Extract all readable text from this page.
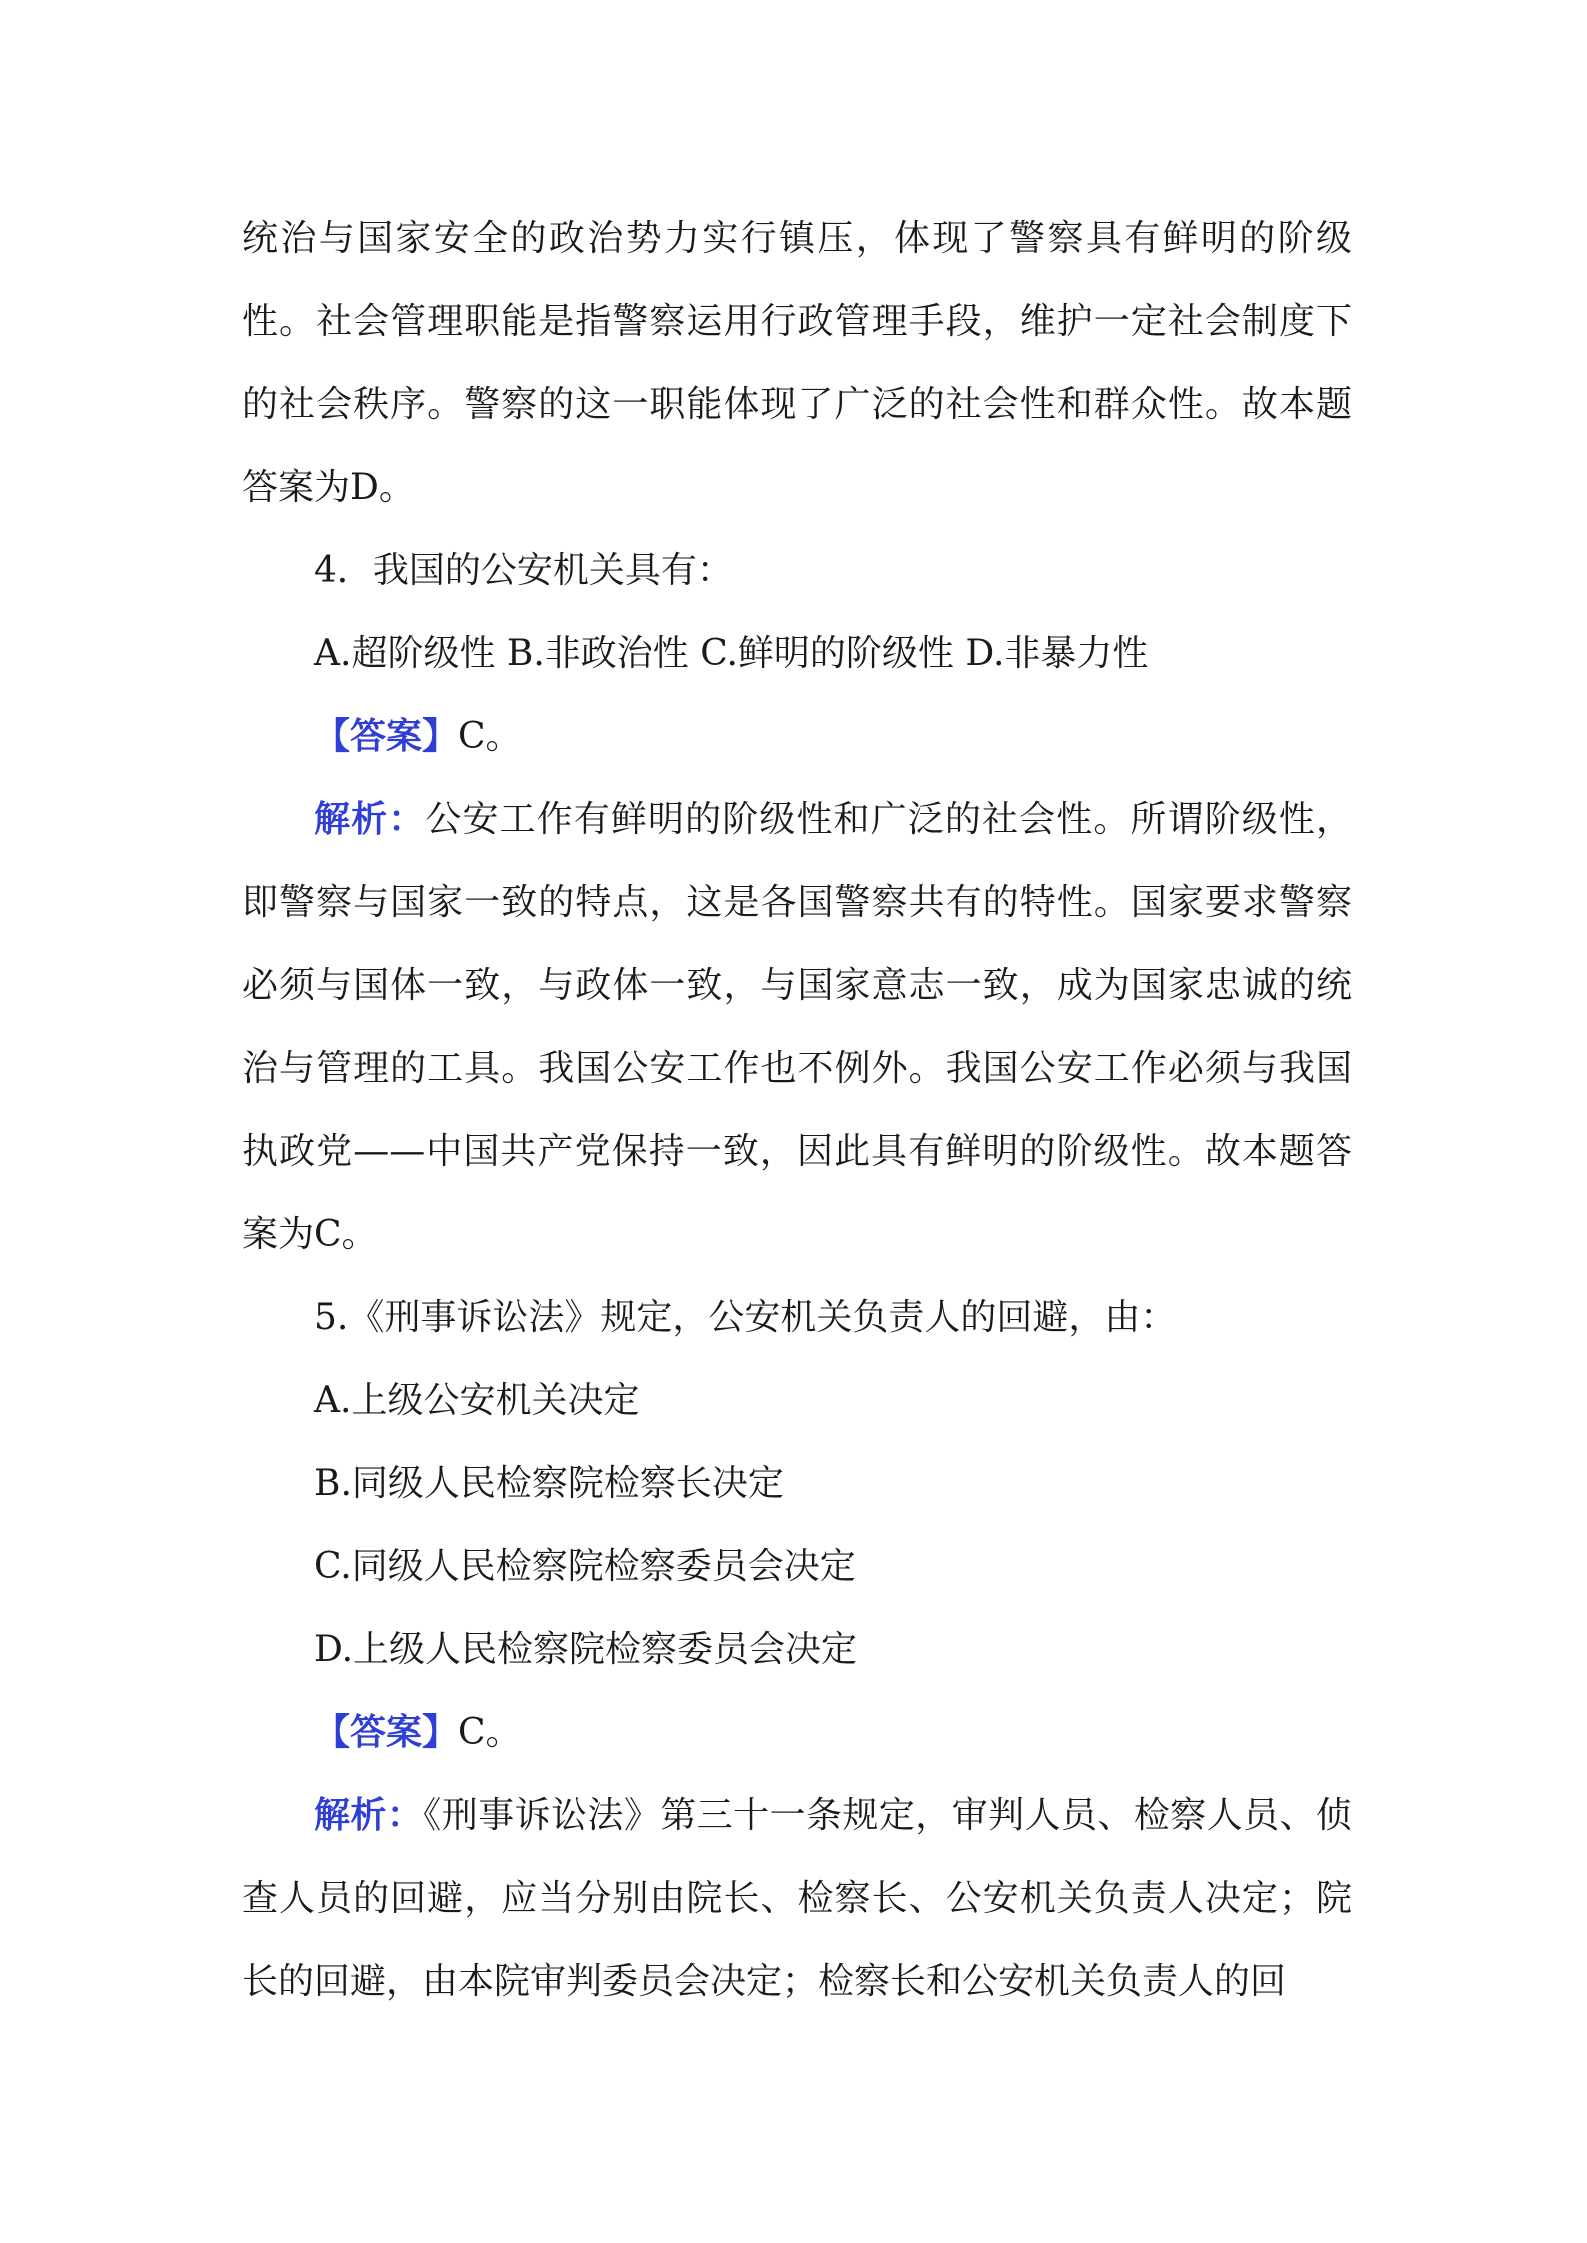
统治与国家安全的政治势力实行镇压，体现了警察具有鲜明的阶级性。社会管理职能是指警察运用行政管理手段，维护一定社会制度下的社会秩序。警察的这一职能体现了广泛的社会性和群众性。故本题答案为D。

4．我国的公安机关具有：

A.超阶级性 B.非政治性 C.鲜明的阶级性 D.非暴力性

【答案】C。

解析：公安工作有鲜明的阶级性和广泛的社会性。所谓阶级性，即警察与国家一致的特点，这是各国警察共有的特性。国家要求警察必须与国体一致，与政体一致，与国家意志一致，成为国家忠诚的统治与管理的工具。我国公安工作也不例外。我国公安工作必须与我国执政党——中国共产党保持一致，因此具有鲜明的阶级性。故本题答案为C。

5.《刑事诉讼法》规定，公安机关负责人的回避，由：

A.上级公安机关决定

B.同级人民检察院检察长决定

C.同级人民检察院检察委员会决定

D.上级人民检察院检察委员会决定

【答案】C。

解析：《刑事诉讼法》第三十一条规定，审判人员、检察人员、侦查人员的回避，应当分别由院长、检察长、公安机关负责人决定；院长的回避，由本院审判委员会决定；检察长和公安机关负责人的回
